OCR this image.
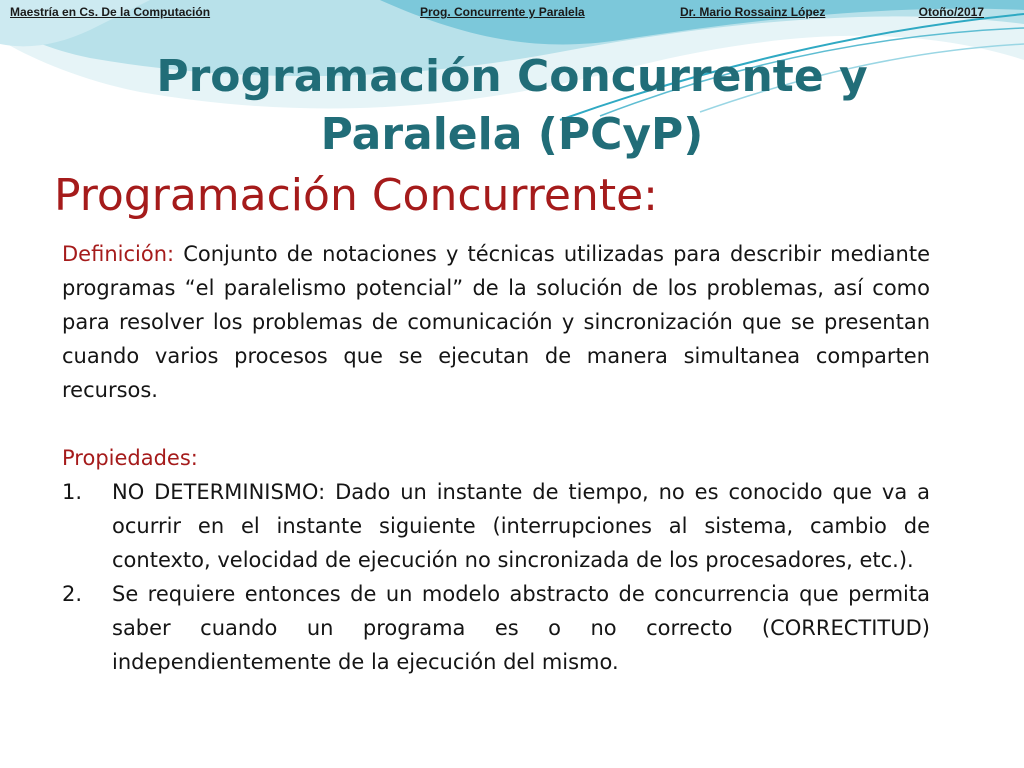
Maestría en Cs. De la Computación	Prog. Concurrente y Paralela	Dr. Mario Rossainz López	Otoño/2017
Programación Concurrente y
Paralela (PCyP)
Programación Concurrente:

Definición: Conjunto de notaciones y técnicas utilizadas para describir mediante programas “el paralelismo potencial” de la solución de los problemas, así como para resolver los problemas de comunicación y sincronización que se presentan cuando varios procesos que se ejecutan de manera simultanea comparten recursos.

Propiedades:

1. NO DETERMINISMO: Dado un instante de tiempo, no es conocido que va a ocurrir en el instante siguiente (interrupciones al sistema, cambio de contexto, velocidad de ejecución no sincronizada de los procesadores, etc.).
2. Se requiere entonces de un modelo abstracto de concurrencia que permita saber cuando un programa es o no correcto (CORRECTITUD) independientemente de la ejecución del mismo.
